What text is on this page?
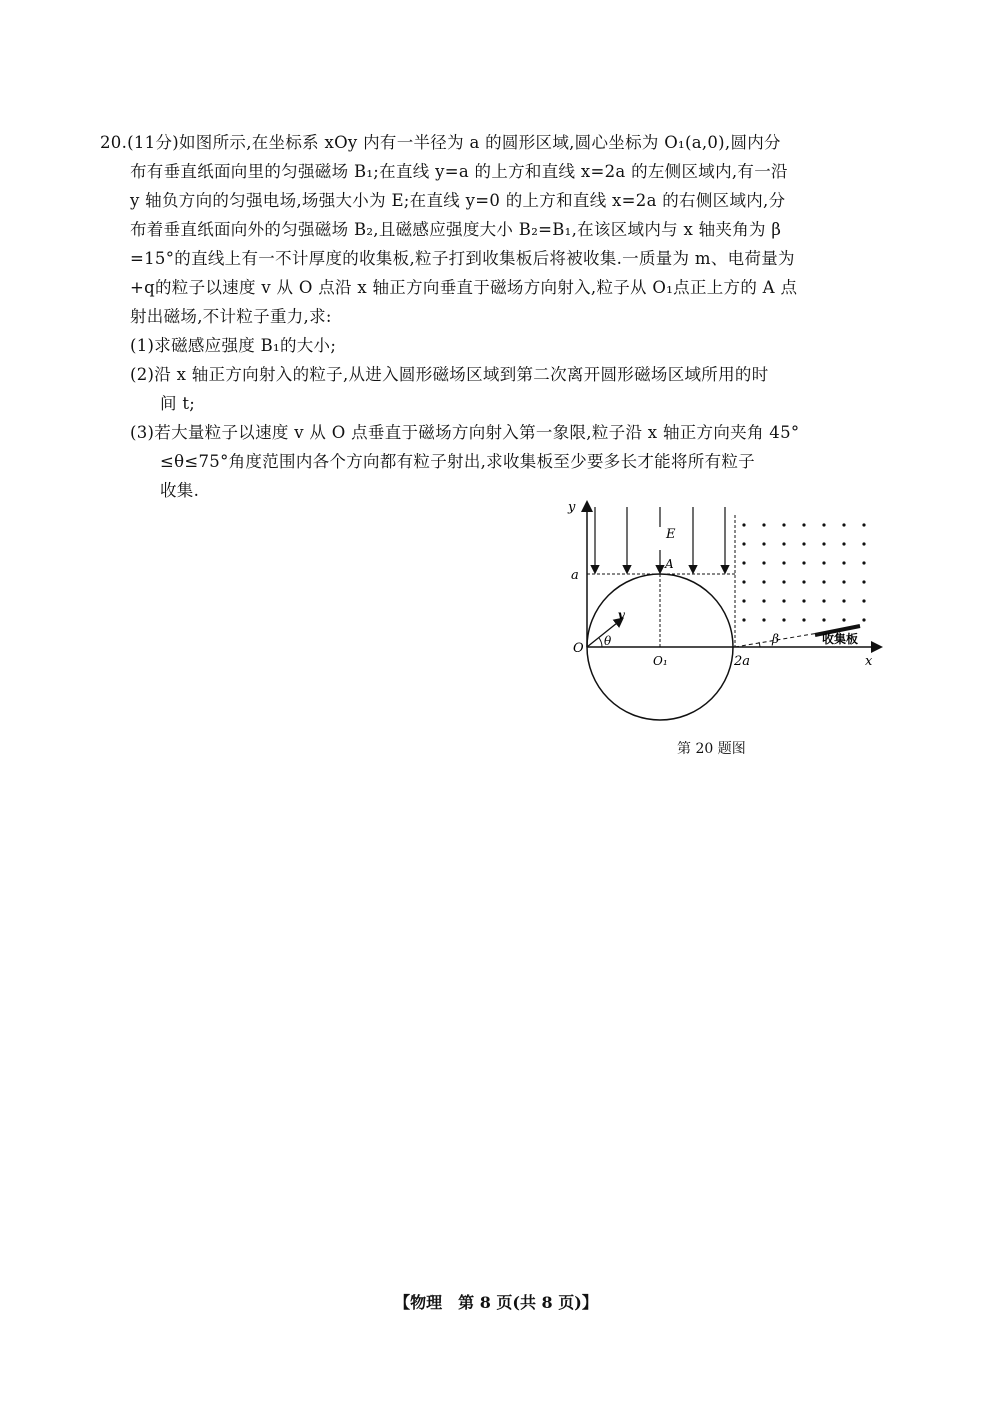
20.(11分)如图所示,在坐标系 xOy 内有一半径为 a 的圆形区域,圆心坐标为 O₁(a,0),圆内分

布有垂直纸面向里的匀强磁场 B₁;在直线 y=a 的上方和直线 x=2a 的左侧区域内,有一沿

y 轴负方向的匀强电场,场强大小为 E;在直线 y=0 的上方和直线 x=2a 的右侧区域内,分

布着垂直纸面向外的匀强磁场 B₂,且磁感应强度大小 B₂=B₁,在该区域内与 x 轴夹角为 β

=15°的直线上有一不计厚度的收集板,粒子打到收集板后将被收集.一质量为 m、电荷量为

+q的粒子以速度 v 从 O 点沿 x 轴正方向垂直于磁场方向射入,粒子从 O₁点正上方的 A 点

射出磁场,不计粒子重力,求:

(1)求磁感应强度 B₁的大小;

(2)沿 x 轴正方向射入的粒子,从进入圆形磁场区域到第二次离开圆形磁场区域所用的时

间 t;

(3)若大量粒子以速度 v 从 O 点垂直于磁场方向射入第一象限,粒子沿 x 轴正方向夹角 45°

≤θ≤75°角度范围内各个方向都有粒子射出,求收集板至少要多长才能将所有粒子

收集.

y
x
a
O
O₁	2a
E
A
v
θ	β	收集板
第 20 题图
【物理　第 8 页(共 8 页)】
